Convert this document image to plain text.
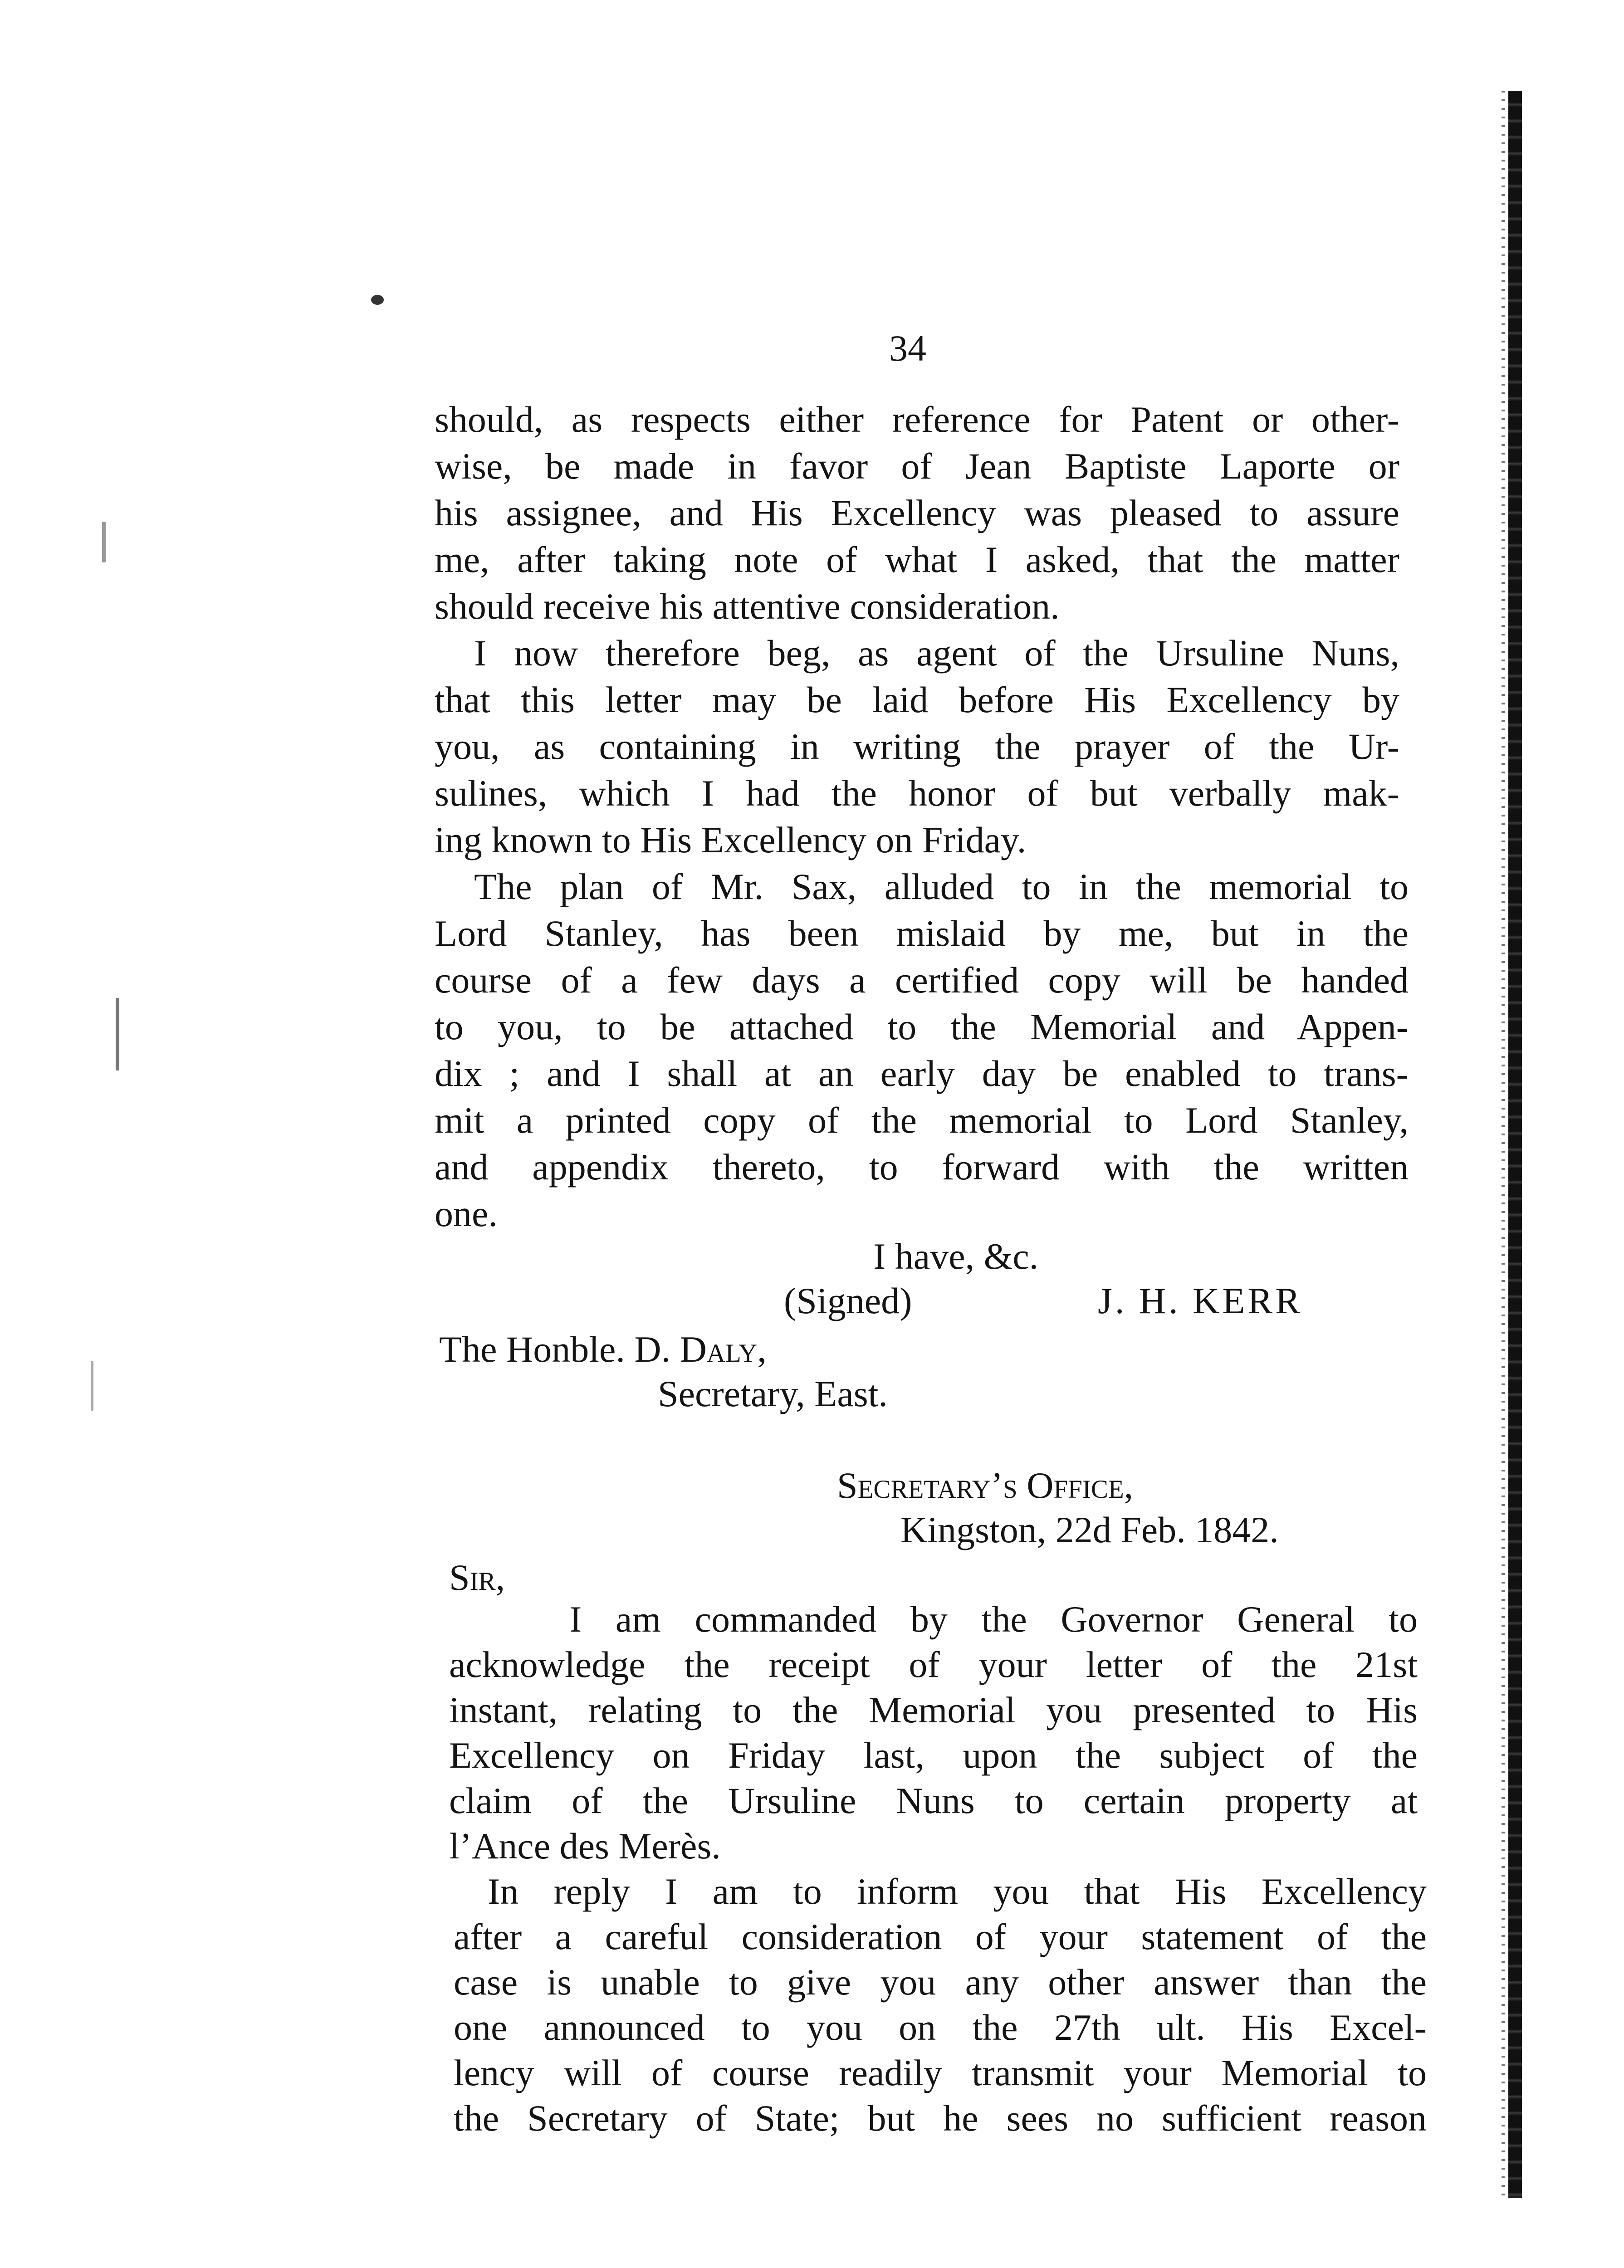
34
should, as respects either reference for Patent or other-
wise, be made in favor of Jean Baptiste Laporte or
his assignee, and His Excellency was pleased to assure
me, after taking note of what I asked, that the matter
should receive his attentive consideration.
I now therefore beg, as agent of the Ursuline Nuns,
that this letter may be laid before His Excellency by
you, as containing in writing the prayer of the Ur-
sulines, which I had the honor of but verbally mak-
ing known to His Excellency on Friday.
The plan of Mr. Sax, alluded to in the memorial to
Lord Stanley, has been mislaid by me, but in the
course of a few days a certified copy will be handed
to you, to be attached to the Memorial and Appen-
dix ; and I shall at an early day be enabled to trans-
mit a printed copy of the memorial to Lord Stanley,
and appendix thereto, to forward with the written
one.
I have, &c.
(Signed)	J. H. KERR
The Honble. D. Daly,
Secretary, East.
Secretary’s Office,
Kingston, 22d Feb. 1842.
Sir,
I am commanded by the Governor General to
acknowledge the receipt of your letter of the 21st
instant, relating to the Memorial you presented to His
Excellency on Friday last, upon the subject of the
claim of the Ursuline Nuns to certain property at
l’Ance des Merès.
In reply I am to inform you that His Excellency
after a careful consideration of your statement of the
case is unable to give you any other answer than the
one announced to you on the 27th ult. His Excel-
lency will of course readily transmit your Memorial to
the Secretary of State; but he sees no sufficient reason
